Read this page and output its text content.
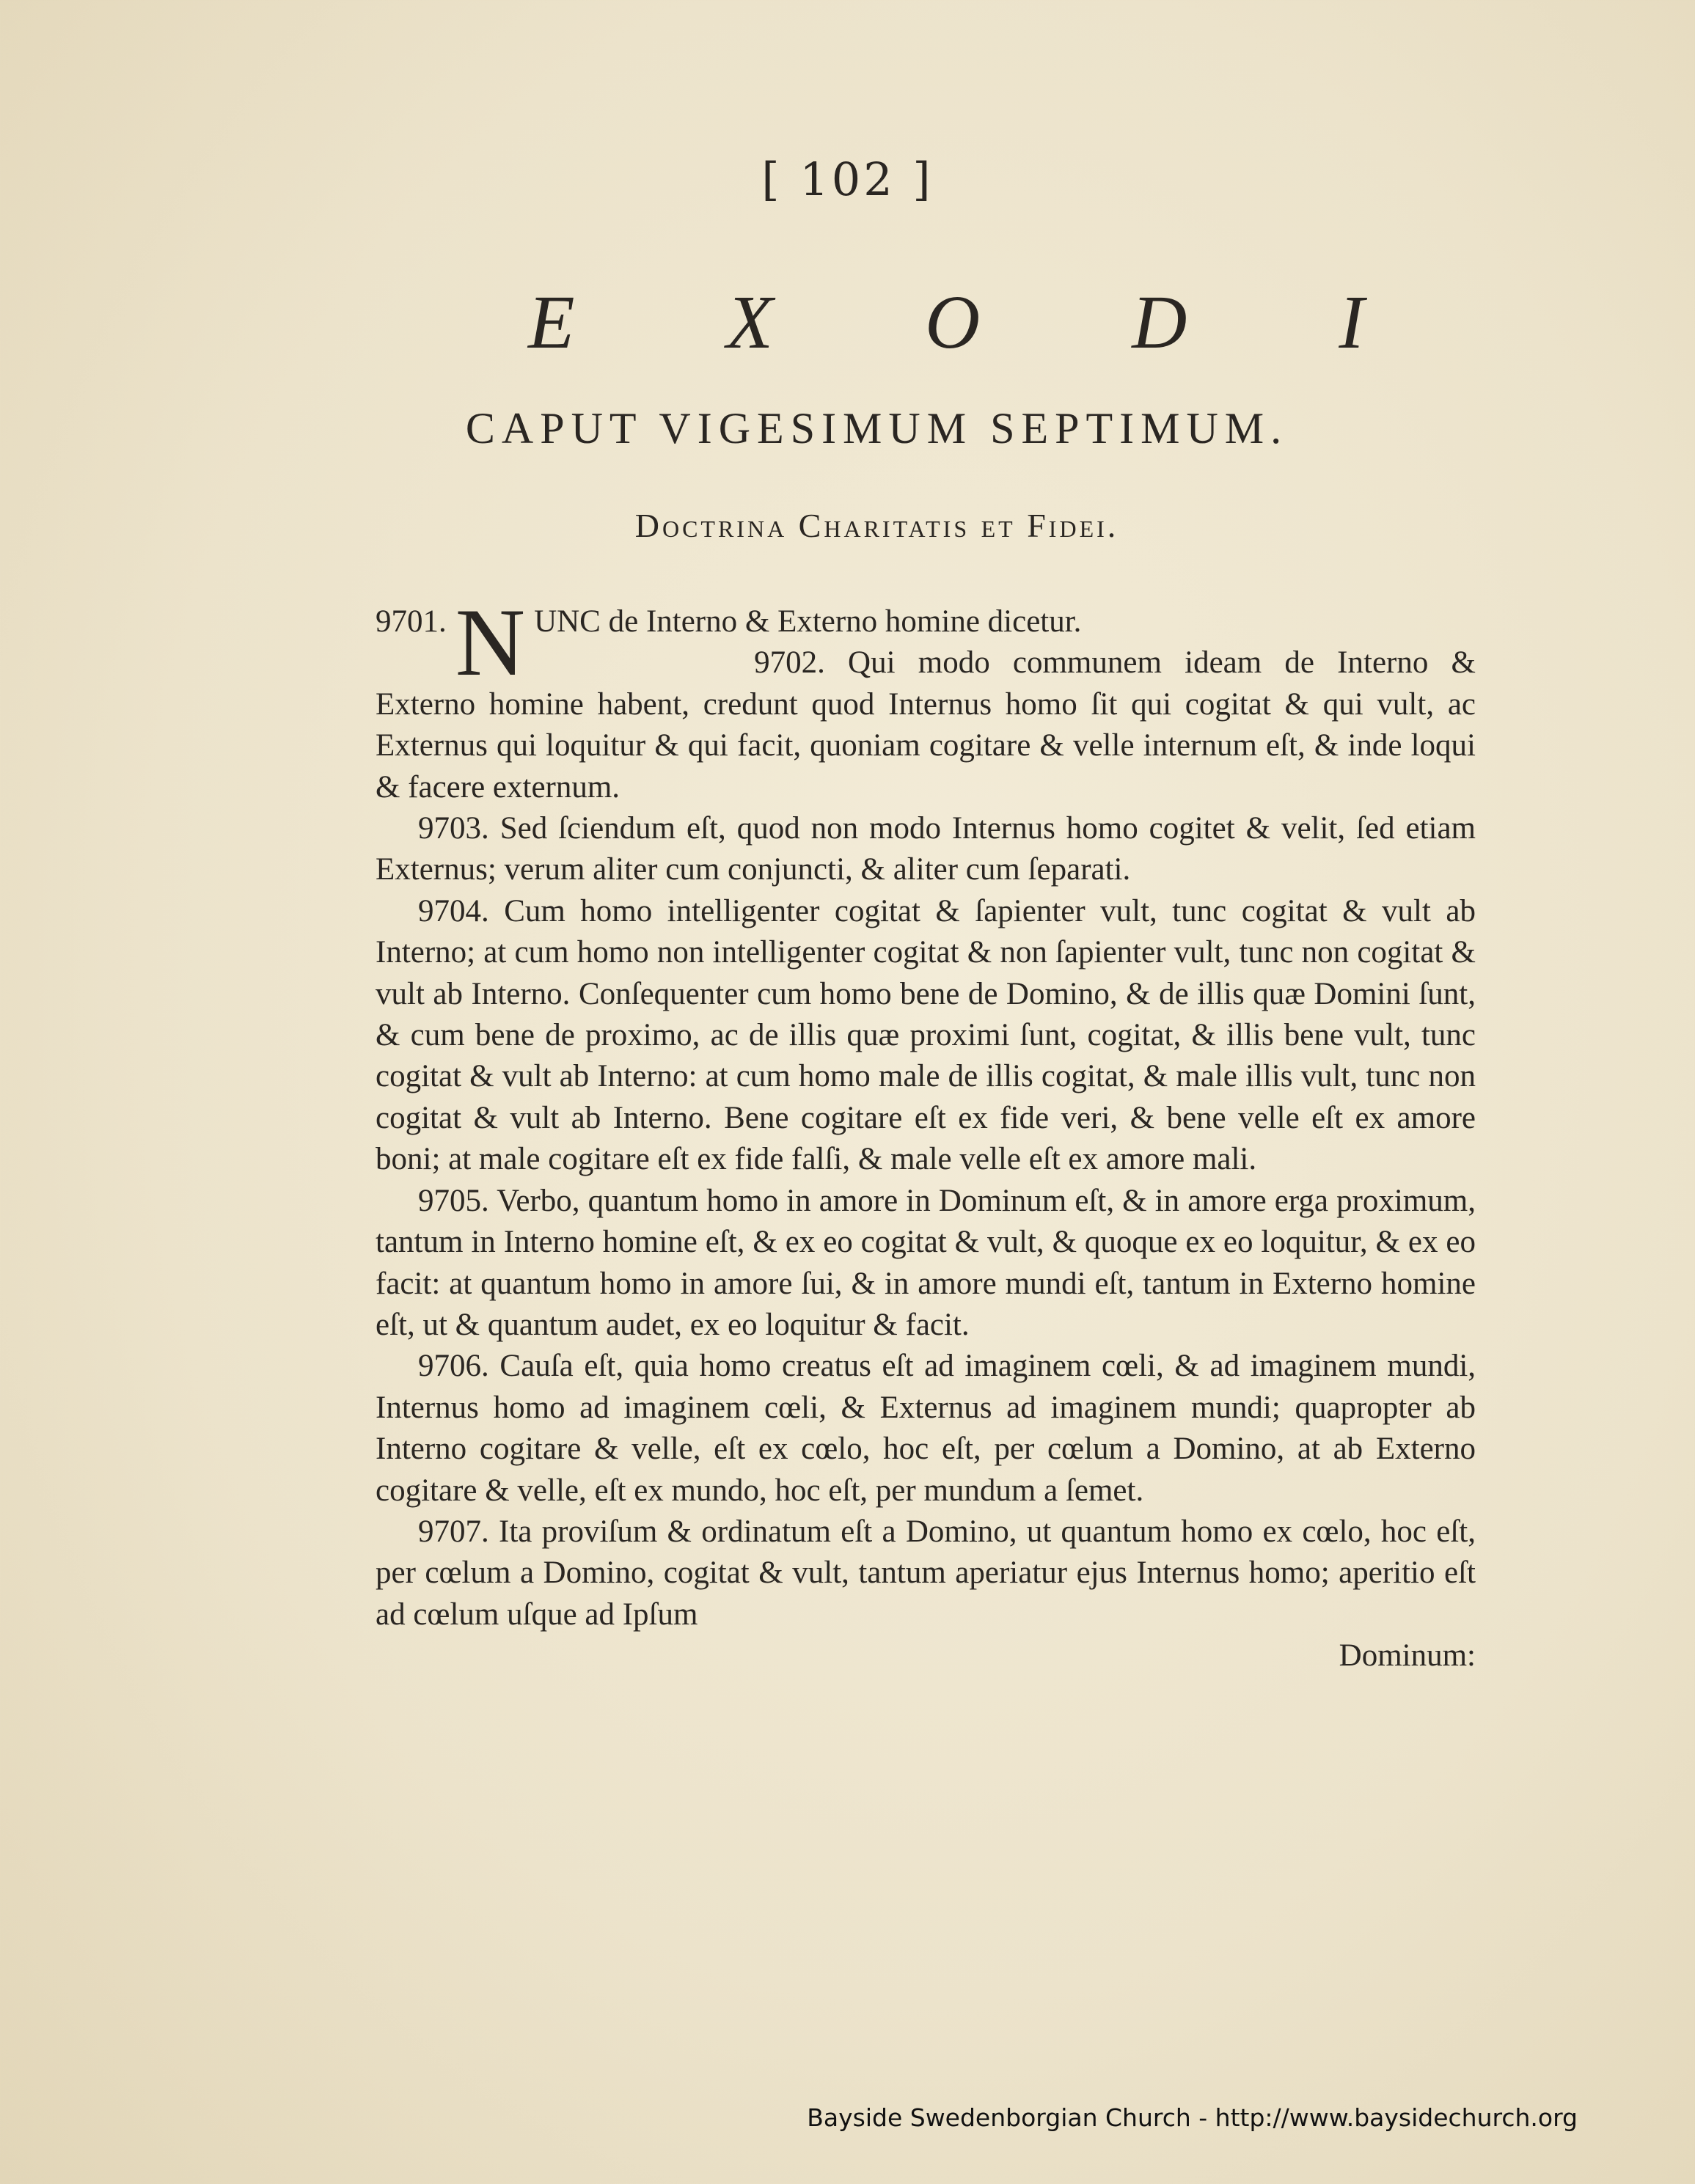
[ 102 ]
E X O D I
CAPUT VIGESIMUM SEPTIMUM.
Doctrina Charitatis et Fidei.

9701. N UNC de Interno & Externo homine dicetur.

9702. Qui modo communem ideam de Interno & Externo homine habent, credunt quod Internus homo ſit qui cogitat & qui vult, ac Externus qui loquitur & qui facit, quoniam cogitare & velle internum eſt, & inde loqui & facere externum.

9703. Sed ſciendum eſt, quod non modo Internus homo cogitet & velit, ſed etiam Externus; verum aliter cum conjuncti, & aliter cum ſeparati.

9704. Cum homo intelligenter cogitat & ſapienter vult, tunc cogitat & vult ab Interno; at cum homo non intelligenter cogitat & non ſapienter vult, tunc non cogitat & vult ab Interno. Conſequenter cum homo bene de Domino, & de illis quæ Domini ſunt, & cum bene de proximo, ac de illis quæ proximi ſunt, cogitat, & illis bene vult, tunc cogitat & vult ab Interno: at cum homo male de illis cogitat, & male illis vult, tunc non cogitat & vult ab Interno. Bene cogitare eſt ex fide veri, & bene velle eſt ex amore boni; at male cogitare eſt ex fide falſi, & male velle eſt ex amore mali.

9705. Verbo, quantum homo in amore in Dominum eſt, & in amore erga proximum, tantum in Interno homine eſt, & ex eo cogitat & vult, & quoque ex eo loquitur, & ex eo facit: at quantum homo in amore ſui, & in amore mundi eſt, tantum in Externo homine eſt, ut & quantum audet, ex eo loquitur & facit.

9706. Cauſa eſt, quia homo creatus eſt ad imaginem cœli, & ad imaginem mundi, Internus homo ad imaginem cœli, & Externus ad imaginem mundi; quapropter ab Interno cogitare & velle, eſt ex cœlo, hoc eſt, per cœlum a Domino, at ab Externo cogitare & velle, eſt ex mundo, hoc eſt, per mundum a ſemet.

9707. Ita proviſum & ordinatum eſt a Domino, ut quantum homo ex cœlo, hoc eſt, per cœlum a Domino, cogitat & vult, tantum aperiatur ejus Internus homo; aperitio eſt ad cœlum uſque ad Ipſum

Dominum:

Bayside Swedenborgian Church - http://www.baysidechurch.org
